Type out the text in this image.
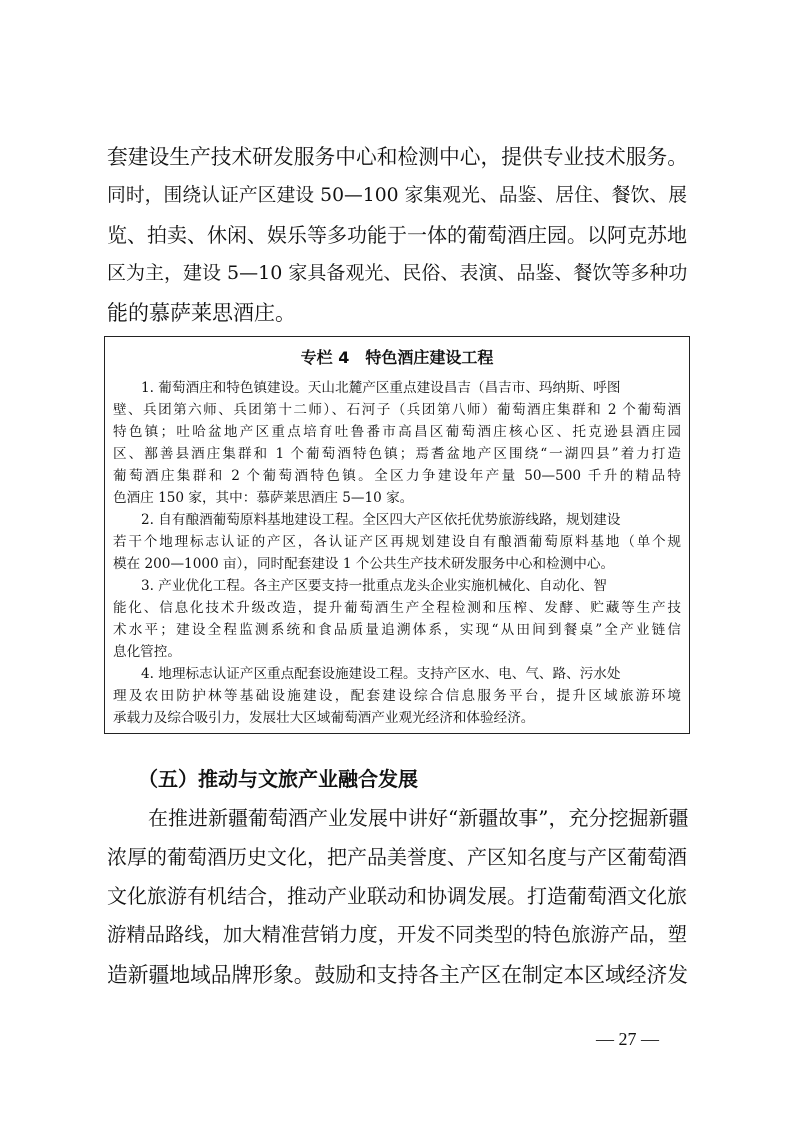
套建设生产技术研发服务中心和检测中心，提供专业技术服务。
同时，围绕认证产区建设 50—100 家集观光、品鉴、居住、餐饮、展
览、拍卖、休闲、娱乐等多功能于一体的葡萄酒庄园。以阿克苏地
区为主，建设 5—10 家具备观光、民俗、表演、品鉴、餐饮等多种功
能的慕萨莱思酒庄。
专栏 4　特色酒庄建设工程
1. 葡萄酒庄和特色镇建设。天山北麓产区重点建设昌吉（昌吉市、玛纳斯、呼图
壁、兵团第六师、兵团第十二师）、石河子（兵团第八师）葡萄酒庄集群和 2 个葡萄酒
特色镇；吐哈盆地产区重点培育吐鲁番市高昌区葡萄酒庄核心区、托克逊县酒庄园
区、鄯善县酒庄集群和 1 个葡萄酒特色镇；焉耆盆地产区围绕“一湖四县”着力打造
葡萄酒庄集群和 2 个葡萄酒特色镇。全区力争建设年产量 50—500 千升的精品特
色酒庄 150 家，其中：慕萨莱思酒庄 5—10 家。
2. 自有酿酒葡萄原料基地建设工程。全区四大产区依托优势旅游线路，规划建设
若干个地理标志认证的产区，各认证产区再规划建设自有酿酒葡萄原料基地（单个规
模在 200—1000 亩），同时配套建设 1 个公共生产技术研发服务中心和检测中心。
3. 产业优化工程。各主产区要支持一批重点龙头企业实施机械化、自动化、智
能化、信息化技术升级改造，提升葡萄酒生产全程检测和压榨、发酵、贮藏等生产技
术水平；建设全程监测系统和食品质量追溯体系，实现“从田间到餐桌”全产业链信
息化管控。
4. 地理标志认证产区重点配套设施建设工程。支持产区水、电、气、路、污水处
理及农田防护林等基础设施建设，配套建设综合信息服务平台，提升区域旅游环境
承载力及综合吸引力，发展壮大区域葡萄酒产业观光经济和体验经济。
（五）推动与文旅产业融合发展
在推进新疆葡萄酒产业发展中讲好“新疆故事”，充分挖掘新疆
浓厚的葡萄酒历史文化，把产品美誉度、产区知名度与产区葡萄酒
文化旅游有机结合，推动产业联动和协调发展。打造葡萄酒文化旅
游精品路线，加大精准营销力度，开发不同类型的特色旅游产品，塑
造新疆地域品牌形象。鼓励和支持各主产区在制定本区域经济发
— 27 —
